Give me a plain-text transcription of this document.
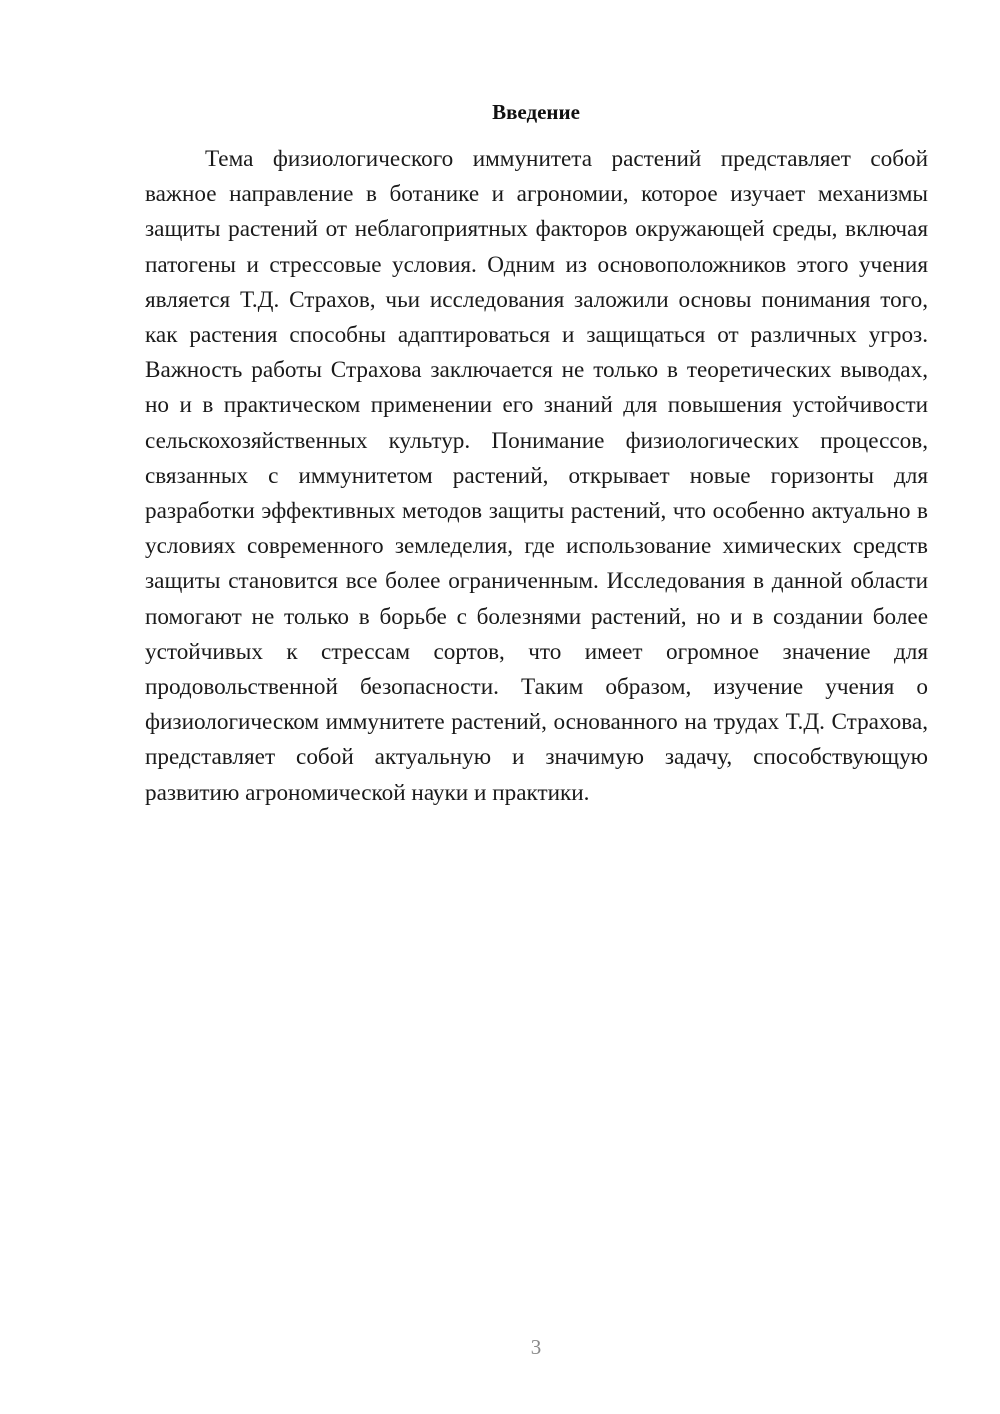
Введение

Тема физиологического иммунитета растений представляет собой важное направление в ботанике и агрономии, которое изучает механизмы защиты растений от неблагоприятных факторов окружающей среды, включая патогены и стрессовые условия. Одним из основоположников этого учения является Т.Д. Страхов, чьи исследования заложили основы понимания того, как растения способны адаптироваться и защищаться от различных угроз. Важность работы Страхова заключается не только в теоретических выводах, но и в практическом применении его знаний для повышения устойчивости сельскохозяйственных культур. Понимание физиологических процессов, связанных с иммунитетом растений, открывает новые горизонты для разработки эффективных методов защиты растений, что особенно актуально в условиях современного земледелия, где использование химических средств защиты становится все более ограниченным. Исследования в данной области помогают не только в борьбе с болезнями растений, но и в создании более устойчивых к стрессам сортов, что имеет огромное значение для продовольственной безопасности. Таким образом, изучение учения о физиологическом иммунитете растений, основанного на трудах Т.Д. Страхова, представляет собой актуальную и значимую задачу, способствующую развитию агрономической науки и практики.

3
